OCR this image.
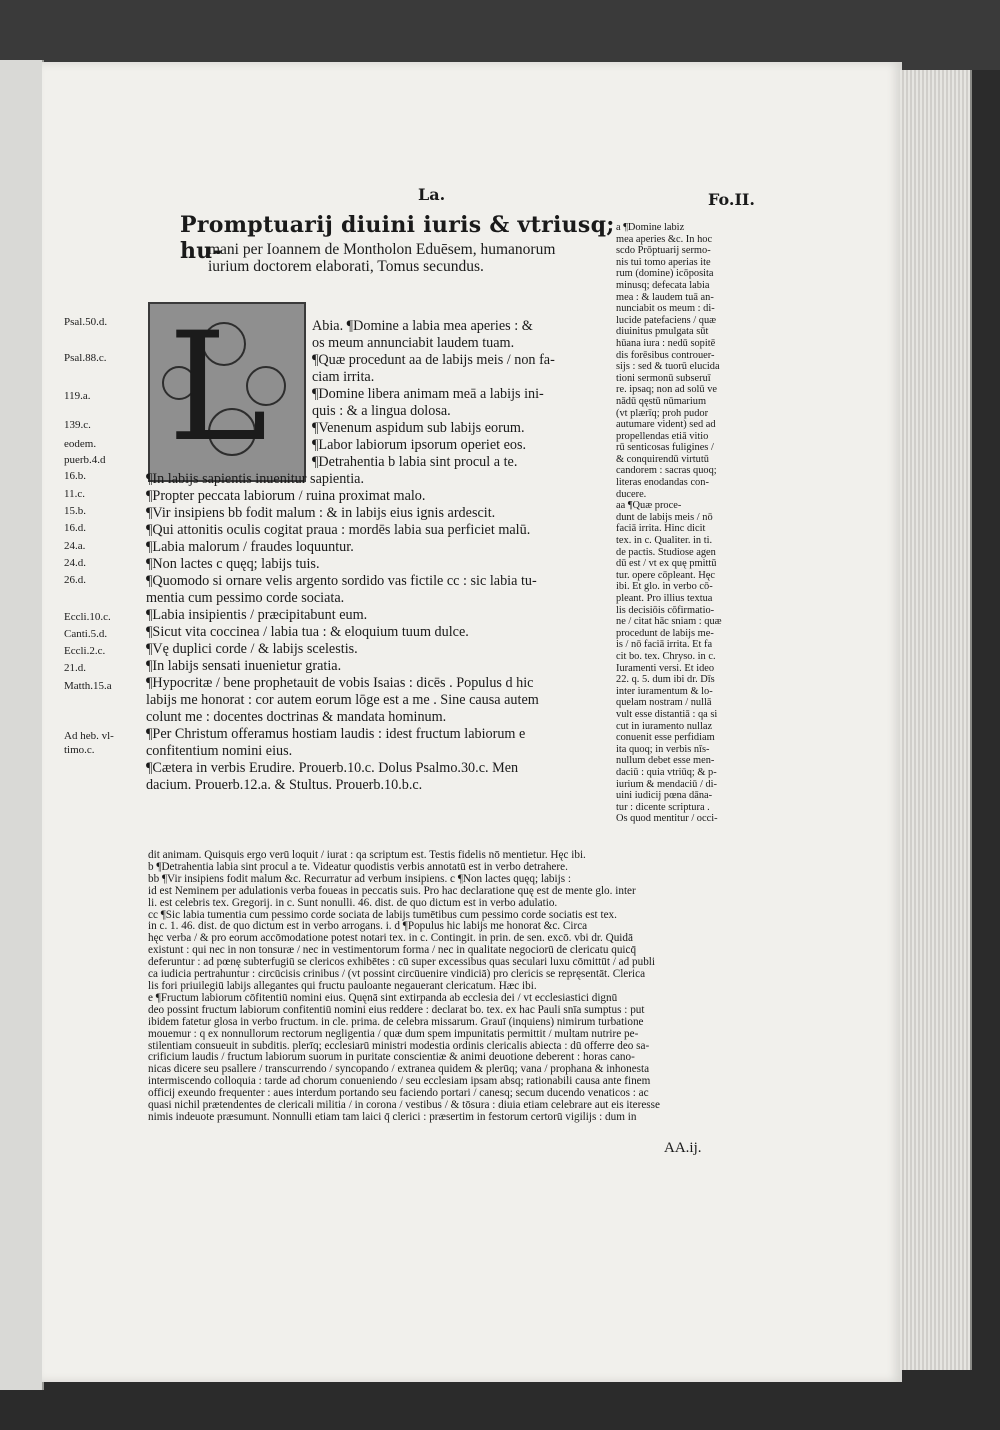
La.	Fo.II.
Promptuarij diuini iuris & vtriusq; hu-
mani per Ioannem de Montholon Eduēsem, humanorum
iurium doctorem elaborati, Tomus secundus.
L
Psal.50.d.
Psal.88.c.
119.a.
139.c.
eodem.
puerb.4.d
16.b.
11.c.
15.b.
16.d.
24.a.
24.d.
26.d.
Eccli.10.c.
Canti.5.d.
Eccli.2.c.
21.d.
Matth.15.a
Ad heb. vl-
timo.c.
Abia. ¶Domine a labia mea aperies : &
os meum annunciabit laudem tuam.
¶Quæ procedunt aa de labijs meis / non fa-
ciam irrita.
¶Domine libera animam meā a labijs ini-
quis : & a lingua dolosa.
¶Venenum aspidum sub labijs eorum.
¶Labor labiorum ipsorum operiet eos.
¶Detrahentia b labia sint procul a te.
¶In labijs sapientis inuenitur sapientia.
¶Propter peccata labiorum / ruina proximat malo.
¶Vir insipiens bb fodit malum : & in labijs eius ignis ardescit.
¶Qui attonitis oculis cogitat praua : mordēs labia sua perficiet malū.
¶Labia malorum / fraudes loquuntur.
¶Non lactes c quęq; labijs tuis.
¶Quomodo si ornare velis argento sordido vas fictile cc : sic labia tu-
mentia cum pessimo corde sociata.
¶Labia insipientis / præcipitabunt eum.
¶Sicut vita coccinea / labia tua : & eloquium tuum dulce.
¶Vę duplici corde / & labijs scelestis.
¶In labijs sensati inuenietur gratia.
¶Hypocritæ / bene prophetauit de vobis Isaias : dicēs . Populus d hic
labijs me honorat : cor autem eorum lōge est a me . Sine causa autem
colunt me : docentes doctrinas & mandata hominum.
¶Per Christum offeramus hostiam laudis : idest fructum labiorum e
confitentium nomini eius.
¶Cætera in verbis Erudire. Prouerb.10.c. Dolus Psalmo.30.c. Men
dacium. Prouerb.12.a. & Stultus. Prouerb.10.b.c.
a ¶Domine labiz
mea aperies &c. In hoc
scdo Prōptuarij sermo-
nis tui tomo aperias ite
rum (domine) icōposita
minusq; defecata labia
mea : & laudem tuā an-
nunciabit os meum : di-
lucide patefaciens / quæ
diuinitus pmulgata sūt
hūana iura : nedū sopitē
dis forēsibus controuer-
sijs : sed & tuorū elucida
tioni sermonū subseruī
re. ipsaq; non ad solū ve
nādū qęstū nūmarium
(vt plærīq; proh pudor
autumare vident) sed ad
propellendas etiā vitio
rū senticosas fuligines /
& conquirendū virtutū
candorem : sacras quoq;
literas enodandas con-
ducere.
aa ¶Quæ proce-
dunt de labijs meis / nō
faciā irrita. Hinc dicit
tex. in c. Qualiter. in ti.
de pactis. Studiose agen
dū est / vt ex quę pmittū
tur. opere cōpleant. Hęc
ibi. Et glo. in verbo cō-
pleant. Pro illius textua
lis decisiōis cōfirmatio-
ne / citat hāc sniam : quæ
procedunt de labijs me-
is / nō faciā irrita. Et fa
cit bo. tex. Chryso. in c.
Iuramenti versi. Et ideo
22. q. 5. dum ibi dr. Dīs
inter iuramentum & lo-
quelam nostram / nullā
vult esse distantiā : qa si
cut in iuramento nullaz
conuenit esse perfidiam
ita quoq; in verbis nīs-
nullum debet esse men-
daciū : quia vtriūq; & p-
iurium & mendaciū / di-
uini iudicij pœna dāna-
tur : dicente scriptura .
Os quod mentitur / occi-
dit animam. Quisquis ergo verū loquit / iurat : qa scriptum est. Testis fidelis nō mentietur. Hęc ibi.
b ¶Detrahentia labia sint procul a te. Videatur quodistis verbis annotatū est in verbo detrahere.
bb ¶Vir insipiens fodit malum &c. Recurratur ad verbum insipiens. c ¶Non lactes quęq; labijs :
id est Neminem per adulationis verba foueas in peccatis suis. Pro hac declaratione quę est de mente glo. inter
li. est celebris tex. Gregorij. in c. Sunt nonulli. 46. dist. de quo dictum est in verbo adulatio.
cc ¶Sic labia tumentia cum pessimo corde sociata de labijs tumētibus cum pessimo corde sociatis est tex.
in c. 1. 46. dist. de quo dictum est in verbo arrogans. i. d ¶Populus hic labijs me honorat &c. Circa
hęc verba / & pro eorum accōmodatione potest notari tex. in c. Contingit. in prin. de sen. excō. vbi dr. Quidā
existunt : qui nec in non tonsuræ / nec in vestimentorum forma / nec in qualitate negociorū de clericatu quicq̄
deferuntur : ad pœnę subterfugiū se clericos exhibētes : cū super excessibus quas seculari luxu cōmittūt / ad publi
ca iudicia pertrahuntur : circūcisis crinibus / (vt possint circūuenire vindiciā) pro clericis se repręsentāt. Clerica
lis fori priuilegiū labijs allegantes qui fructu pauloante negauerant clericatum. Hæc ibi.
e ¶Fructum labiorum cōfitentiū nomini eius. Quęnā sint extirpanda ab ecclesia dei / vt ecclesiastici dignū
deo possint fructum labiorum confitentiū nomini eius reddere : declarat bo. tex. ex hac Pauli snīa sumptus : put
ibidem fatetur glosa in verbo fructum. in cle. prima. de celebra missarum. Grauī (inquiens) nimirum turbatione
mouemur : q ex nonnullorum rectorum negligentia / quæ dum spem impunitatis permittit / multam nutrire pe-
stilentiam consueuit in subditis. plerīq; ecclesiarū ministri modestia ordinis clericalis abiecta : dū offerre deo sa-
crificium laudis / fructum labiorum suorum in puritate conscientiæ & animi deuotione deberent : horas cano-
nicas dicere seu psallere / transcurrendo / syncopando / extranea quidem & plerūq; vana / prophana & inhonesta
intermiscendo colloquia : tarde ad chorum conueniendo / seu ecclesiam ipsam absq; rationabili causa ante finem
officij exeundo frequenter : aues interdum portando seu faciendo portari / canesq; secum ducendo venaticos : ac
quasi nichil prætendentes de clericali militia / in corona / vestibus / & tōsura : diuia etiam celebrare aut eis iteresse
nimis indeuote præsumunt. Nonnulli etiam tam laici q̄ clerici : præsertim in festorum certorū vigilijs : dum in
AA.ij.
